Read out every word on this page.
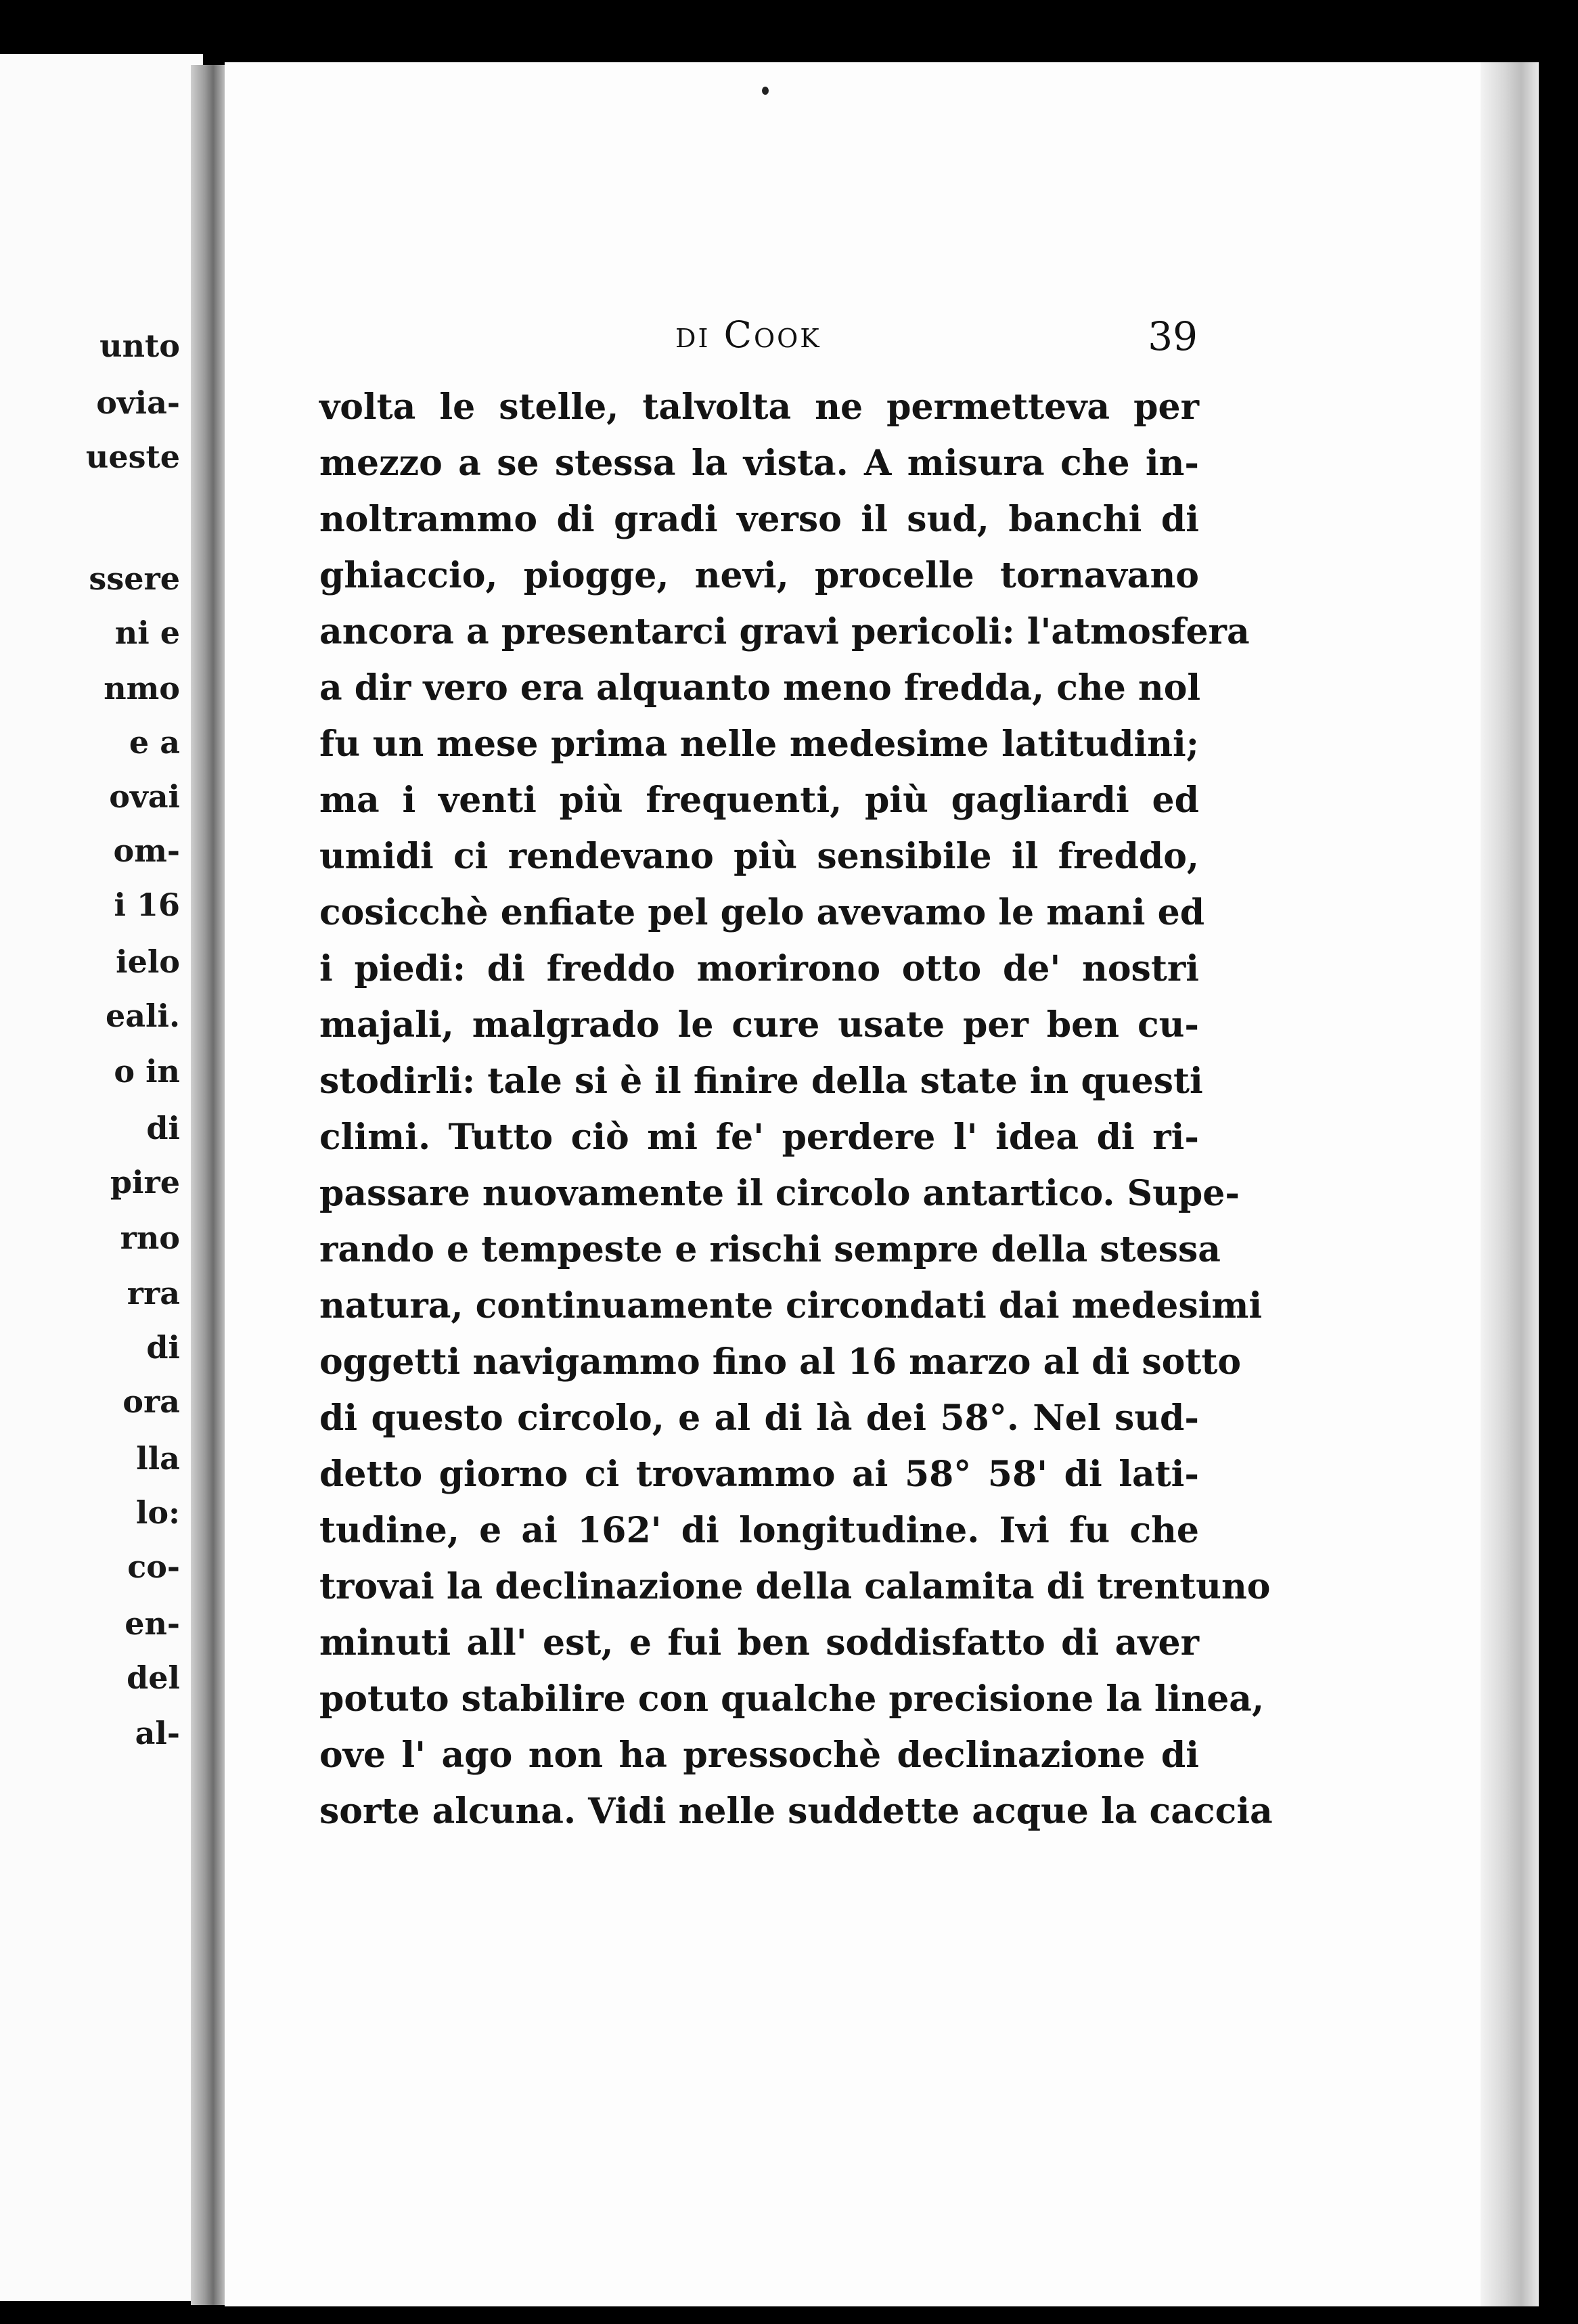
unto
ovia-
ueste
ssere
ni e
nmo
e a
ovai
om-
i 16
ielo
eali.
o in
di
pire
rno
rra
di
ora
lla
lo:
co-
en-
del
al-
di Cook	39
volta le stelle, talvolta ne permetteva per
mezzo a se stessa la vista. A misura che in-
noltrammo di gradi verso il sud, banchi di
ghiaccio, piogge, nevi, procelle tornavano
ancora a presentarci gravi pericoli: l'atmosfera
a dir vero era alquanto meno fredda, che nol
fu un mese prima nelle medesime latitudini;
ma i venti più frequenti, più gagliardi ed
umidi ci rendevano più sensibile il freddo,
cosicchè enfiate pel gelo avevamo le mani ed
i piedi: di freddo morirono otto de' nostri
majali, malgrado le cure usate per ben cu-
stodirli: tale si è il finire della state in questi
climi. Tutto ciò mi fe' perdere l' idea di ri-
passare nuovamente il circolo antartico. Supe-
rando e tempeste e rischi sempre della stessa
natura, continuamente circondati dai medesimi
oggetti navigammo fino al 16 marzo al di sotto
di questo circolo, e al di là dei 58°. Nel sud-
detto giorno ci trovammo ai 58° 58' di lati-
tudine, e ai 162' di longitudine. Ivi fu che
trovai la declinazione della calamita di trentuno
minuti all' est, e fui ben soddisfatto di aver
potuto stabilire con qualche precisione la linea,
ove l' ago non ha pressochè declinazione di
sorte alcuna. Vidi nelle suddette acque la caccia
